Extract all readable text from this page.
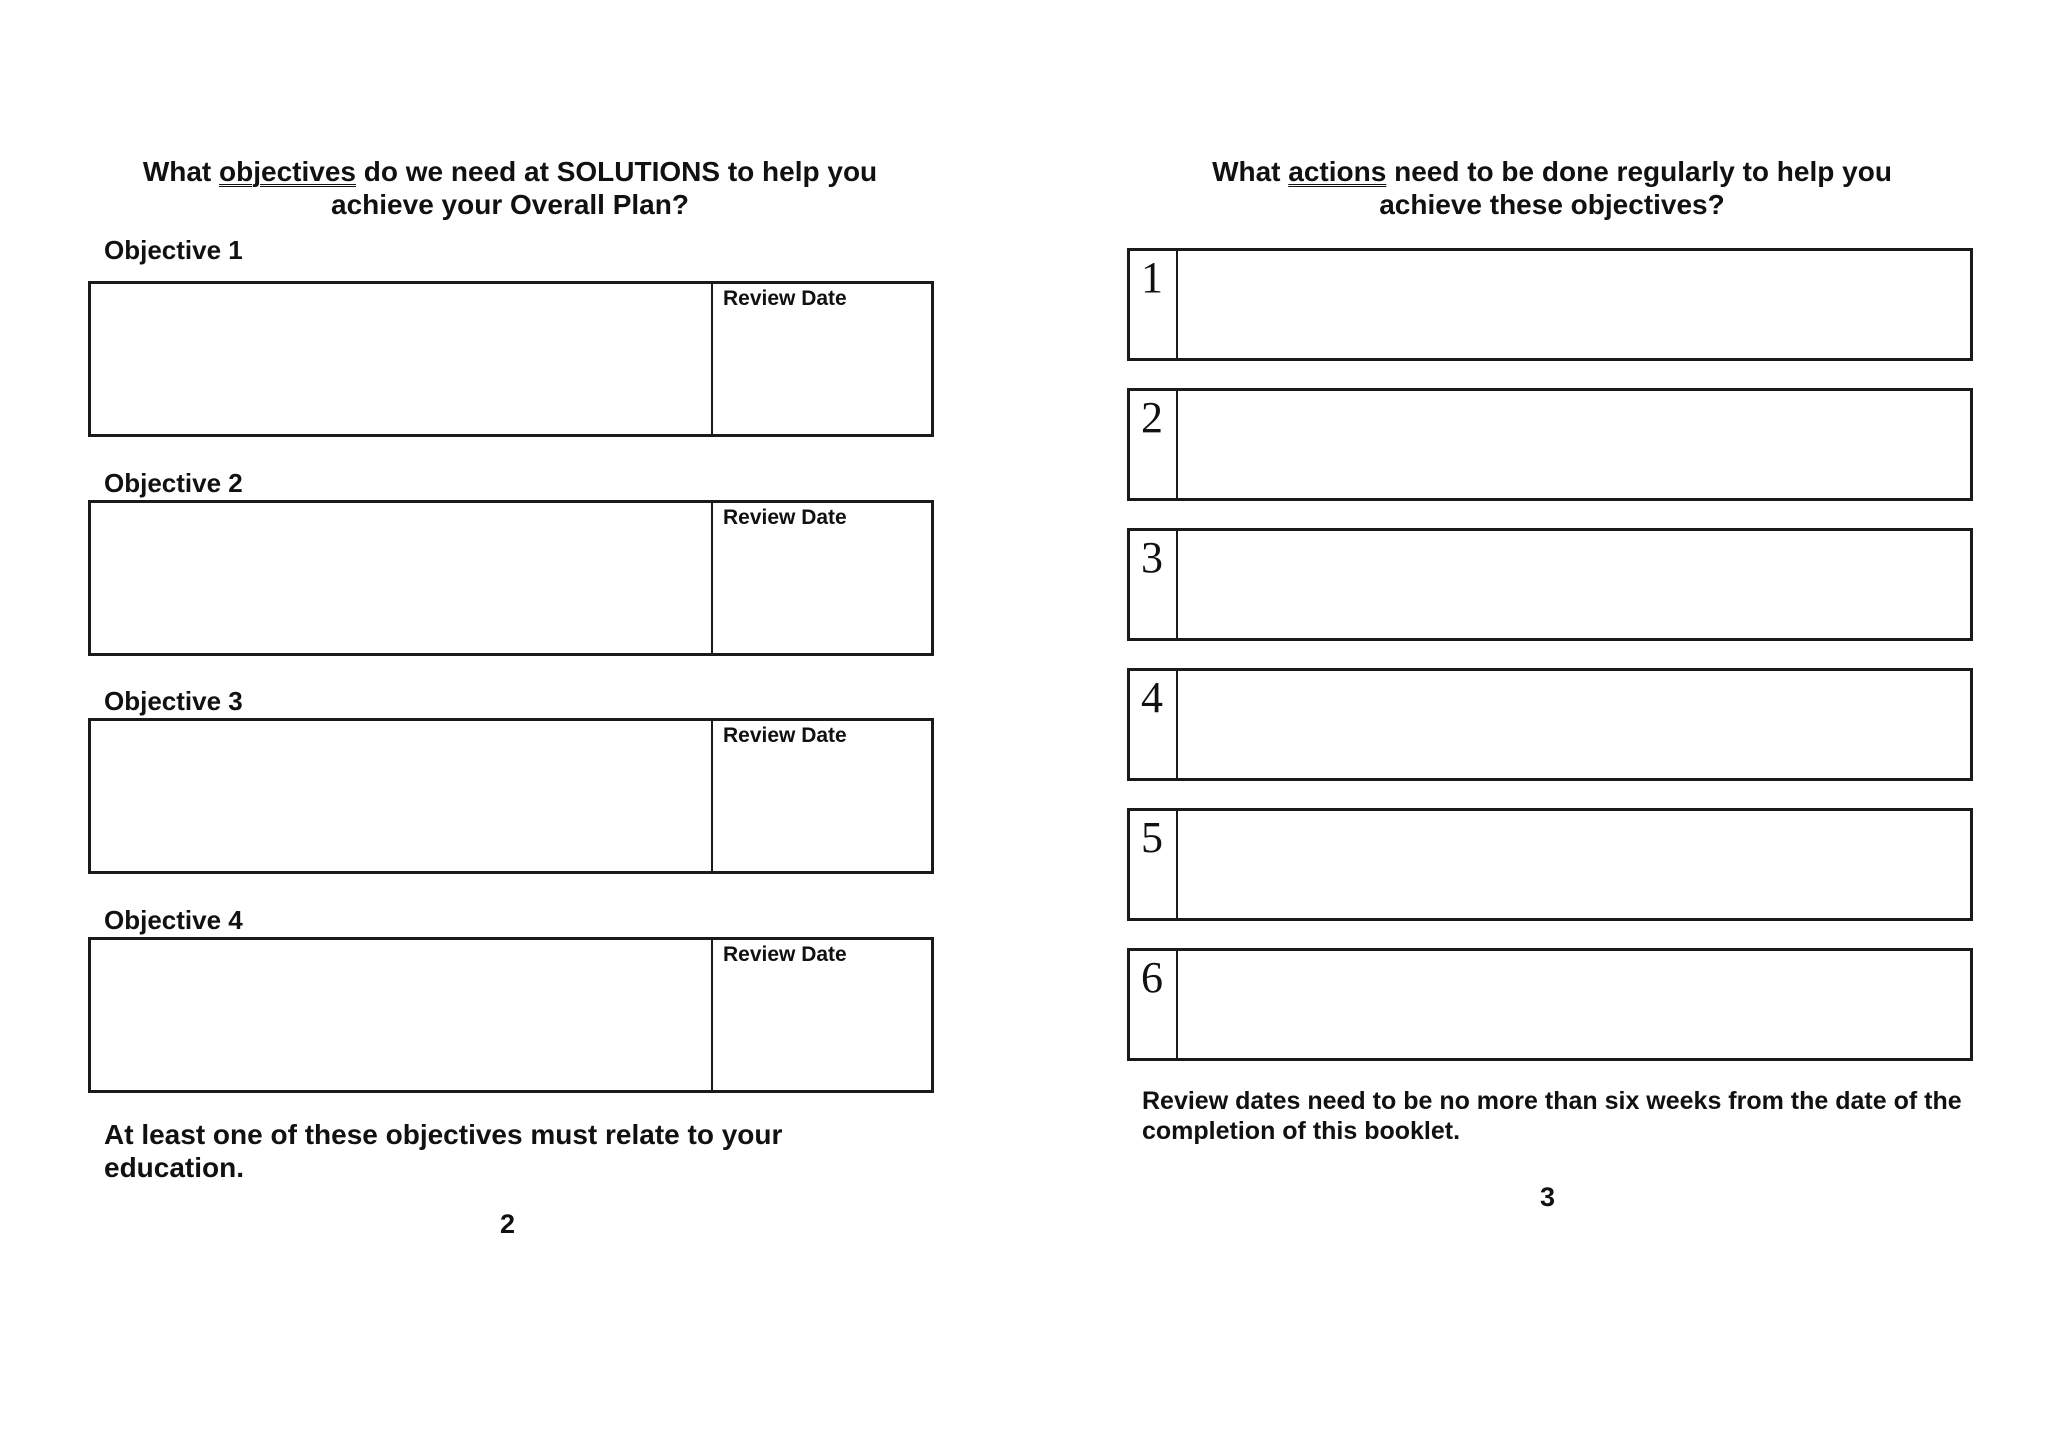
What objectives do we need at SOLUTIONS to help you
achieve your Overall Plan?
Objective 1
Review Date
Objective 2
Review Date
Objective 3
Review Date
Objective 4
Review Date
At least one of these objectives must relate to your education.
2
What actions need to be done regularly to help you
achieve these objectives?
1
2
3
4
5
6
Review dates need to be no more than six weeks from the date of the completion of this booklet.
3
